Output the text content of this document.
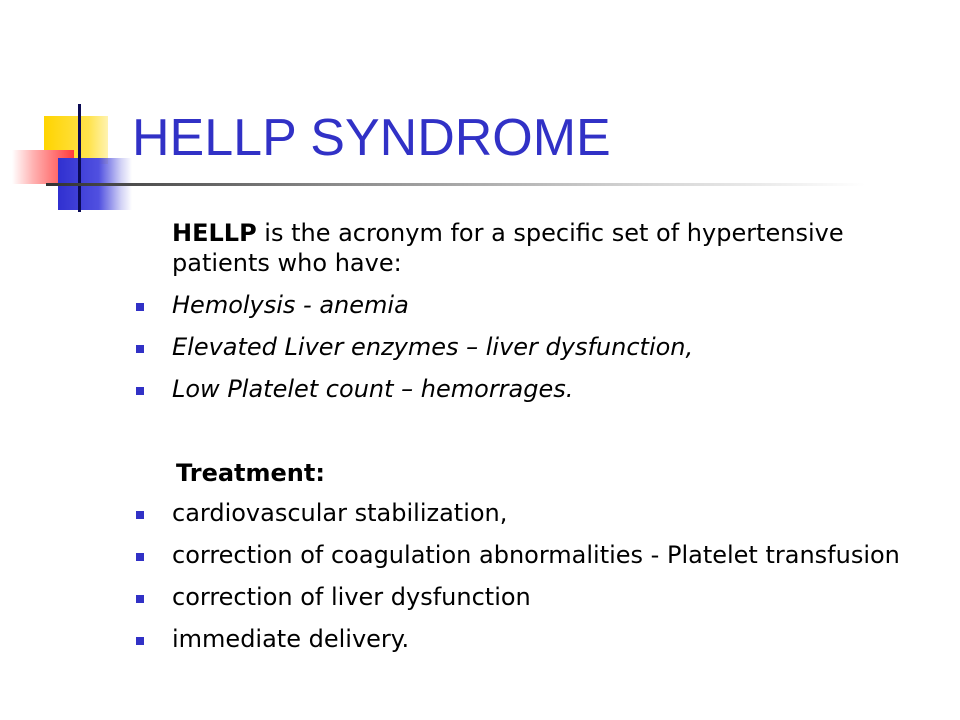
HELLP SYNDROME

HELLP is the acronym for a specific set of hypertensive patients who have:

Hemolysis - anemia
Elevated Liver enzymes – liver dysfunction,
Low Platelet count – hemorrages.

Treatment:

cardiovascular stabilization,
correction of coagulation abnormalities - Platelet transfusion
correction of liver dysfunction
immediate delivery.
